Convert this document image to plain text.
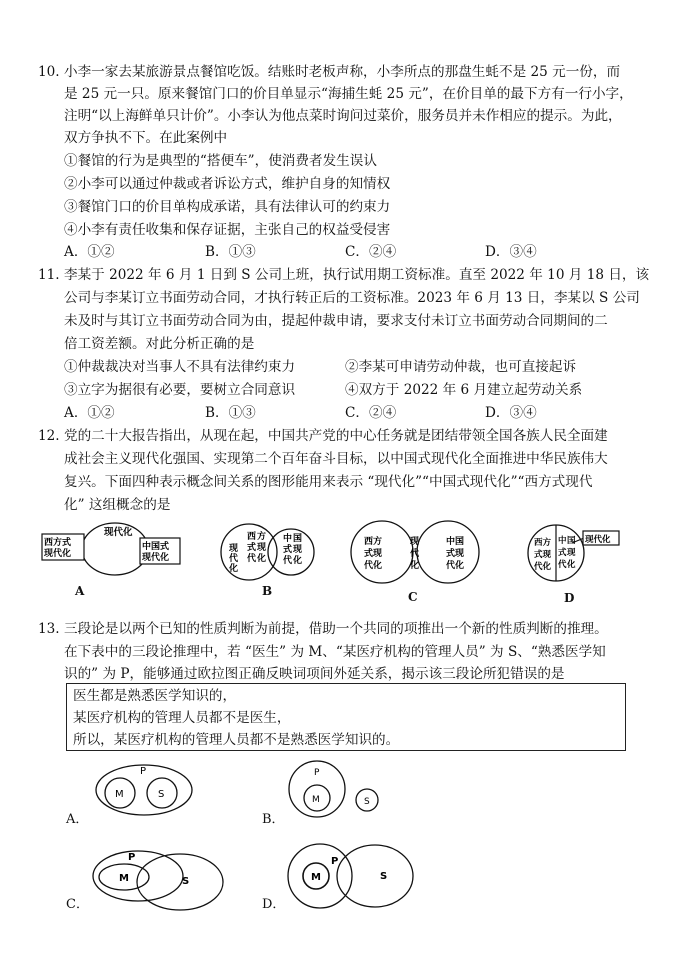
10. 小李一家去某旅游景点餐馆吃饭。结账时老板声称，小李所点的那盘生蚝不是 25 元一份，而
是 25 元一只。原来餐馆门口的价目单显示“海捕生蚝 25 元”，在价目单的最下方有一行小字，
注明“以上海鲜单只计价”。小李认为他点菜时询问过菜价，服务员并未作相应的提示。为此，
双方争执不下。在此案例中
①餐馆的行为是典型的“搭便车”，使消费者发生误认
②小李可以通过仲裁或者诉讼方式，维护自身的知情权
③餐馆门口的价目单构成承诺，具有法律认可的约束力
④小李有责任收集和保存证据，主张自己的权益受侵害
A．①②	B．①③	C．②④	D．③④
11. 李某于 2022 年 6 月 1 日到 S 公司上班，执行试用期工资标准。直至 2022 年 10 月 18 日，该
公司与李某订立书面劳动合同，才执行转正后的工资标准。2023 年 6 月 13 日，李某以 S 公司
未及时与其订立书面劳动合同为由，提起仲裁申请，要求支付未订立书面劳动合同期间的二
倍工资差额。对此分析正确的是
①仲裁裁决对当事人不具有法律约束力	②李某可申请劳动仲裁，也可直接起诉
③立字为据很有必要，要树立合同意识	④双方于 2022 年 6 月建立起劳动关系
A．①②	B．①③	C．②④	D．③④
12. 党的二十大报告指出，从现在起，中国共产党的中心任务就是团结带领全国各族人民全面建
成社会主义现代化强国、实现第二个百年奋斗目标，以中国式现代化全面推进中华民族伟大
复兴。下面四种表示概念间关系的图形能用来表示 “现代化”“中国式现代化”“西方式现代
化” 这组概念的是
现代化
西方式
现代化
中国式
现代化
A
现
代
化
西 方
式 现
代 化
中 国
式 现
代 化
B
西方
式现
代化
现
代
化
中国
式现
代化
C
现代化
西方
式现
代化
中 国
式 现
代 化
D
13. 三段论是以两个已知的性质判断为前提，借助一个共同的项推出一个新的性质判断的推理。
在下表中的三段论推理中，若 “医生” 为 M、“某医疗机构的管理人员” 为 S、“熟悉医学知
识的” 为 P，能够通过欧拉图正确反映词项间外延关系，揭示该三段论所犯错误的是
医生都是熟悉医学知识的，
某医疗机构的管理人员都不是医生，
所以，某医疗机构的管理人员都不是熟悉医学知识的。
P
M	S
A．
P
M	S
B．
P
M	S
C．
P
M	S
D．
